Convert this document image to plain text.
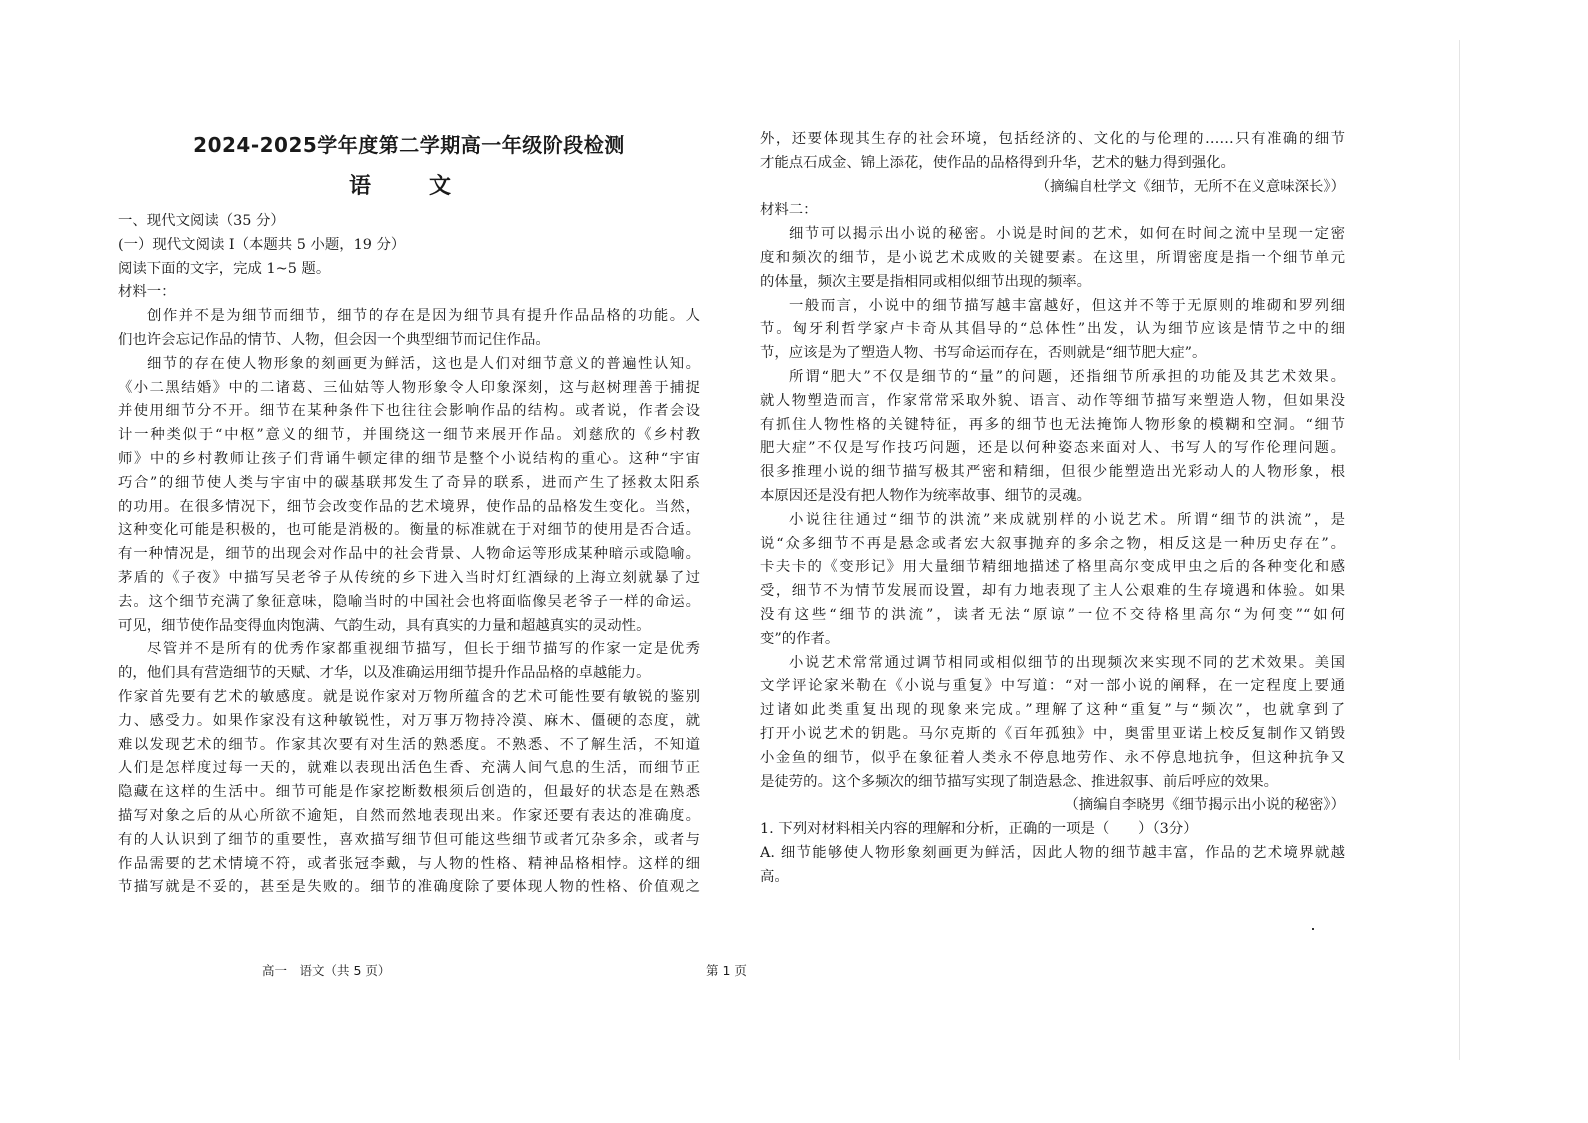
2024-2025学年度第二学期高一年级阶段检测
语　文
一、现代文阅读（35 分）
(一）现代文阅读 I（本题共 5 小题，19 分）
阅读下面的文字，完成 1~5 题。
材料一：
创作并不是为细节而细节，细节的存在是因为细节具有提升作品品格的功能。人
们也许会忘记作品的情节、人物，但会因一个典型细节而记住作品。
细节的存在使人物形象的刻画更为鲜活，这也是人们对细节意义的普遍性认知。
《小二黑结婚》中的二诸葛、三仙姑等人物形象令人印象深刻，这与赵树理善于捕捉
并使用细节分不开。细节在某种条件下也往往会影响作品的结构。或者说，作者会设
计一种类似于“中枢”意义的细节，并围绕这一细节来展开作品。刘慈欣的《乡村教
师》中的乡村教师让孩子们背诵牛顿定律的细节是整个小说结构的重心。这种“宇宙
巧合”的细节使人类与宇宙中的碳基联邦发生了奇异的联系，进而产生了拯救太阳系
的功用。在很多情况下，细节会改变作品的艺术境界，使作品的品格发生变化。当然，
这种变化可能是积极的，也可能是消极的。衡量的标准就在于对细节的使用是否合适。
有一种情况是，细节的出现会对作品中的社会背景、人物命运等形成某种暗示或隐喻。
茅盾的《子夜》中描写吴老爷子从传统的乡下进入当时灯红酒绿的上海立刻就暴了过
去。这个细节充满了象征意味，隐喻当时的中国社会也将面临像吴老爷子一样的命运。
可见，细节使作品变得血肉饱满、气韵生动，具有真实的力量和超越真实的灵动性。
尽管并不是所有的优秀作家都重视细节描写，但长于细节描写的作家一定是优秀
的，他们具有营造细节的天赋、才华，以及准确运用细节提升作品品格的卓越能力。
作家首先要有艺术的敏感度。就是说作家对万物所蕴含的艺术可能性要有敏锐的鉴别
力、感受力。如果作家没有这种敏锐性，对万事万物持冷漠、麻木、僵硬的态度，就
难以发现艺术的细节。作家其次要有对生活的熟悉度。不熟悉、不了解生活，不知道
人们是怎样度过每一天的，就难以表现出活色生香、充满人间气息的生活，而细节正
隐藏在这样的生活中。细节可能是作家挖断数根须后创造的，但最好的状态是在熟悉
描写对象之后的从心所欲不逾矩，自然而然地表现出来。作家还要有表达的准确度。
有的人认识到了细节的重要性，喜欢描写细节但可能这些细节或者冗杂多余，或者与
作品需要的艺术情境不符，或者张冠李戴，与人物的性格、精神品格相悖。这样的细
节描写就是不妥的，甚至是失败的。细节的准确度除了要体现人物的性格、价值观之
外，还要体现其生存的社会环境，包括经济的、文化的与伦理的……只有准确的细节
才能点石成金、锦上添花，使作品的品格得到升华，艺术的魅力得到强化。
（摘编自杜学文《细节，无所不在义意味深长》）
材料二：
细节可以揭示出小说的秘密。小说是时间的艺术，如何在时间之流中呈现一定密
度和频次的细节，是小说艺术成败的关键要素。在这里，所谓密度是指一个细节单元
的体量，频次主要是指相同或相似细节出现的频率。
一般而言，小说中的细节描写越丰富越好，但这并不等于无原则的堆砌和罗列细
节。匈牙利哲学家卢卡奇从其倡导的“总体性”出发，认为细节应该是情节之中的细
节，应该是为了塑造人物、书写命运而存在，否则就是“细节肥大症”。
所谓“肥大”不仅是细节的“量”的问题，还指细节所承担的功能及其艺术效果。
就人物塑造而言，作家常常采取外貌、语言、动作等细节描写来塑造人物，但如果没
有抓住人物性格的关键特征，再多的细节也无法掩饰人物形象的模糊和空洞。“细节
肥大症”不仅是写作技巧问题，还是以何种姿态来面对人、书写人的写作伦理问题。
很多推理小说的细节描写极其严密和精细，但很少能塑造出光彩动人的人物形象，根
本原因还是没有把人物作为统率故事、细节的灵魂。
小说往往通过“细节的洪流”来成就别样的小说艺术。所谓“细节的洪流”，是
说“众多细节不再是悬念或者宏大叙事抛弃的多余之物，相反这是一种历史存在”。
卡夫卡的《变形记》用大量细节精细地描述了格里高尔变成甲虫之后的各种变化和感
受，细节不为情节发展而设置，却有力地表现了主人公艰难的生存境遇和体验。如果
没有这些“细节的洪流”，读者无法“原谅”一位不交待格里高尔“为何变”“如何
变”的作者。
小说艺术常常通过调节相同或相似细节的出现频次来实现不同的艺术效果。美国
文学评论家米勒在《小说与重复》中写道：“对一部小说的阐释，在一定程度上要通
过诸如此类重复出现的现象来完成。”理解了这种“重复”与“频次”，也就拿到了
打开小说艺术的钥匙。马尔克斯的《百年孤独》中，奥雷里亚诺上校反复制作又销毁
小金鱼的细节，似乎在象征着人类永不停息地劳作、永不停息地抗争，但这种抗争又
是徒劳的。这个多频次的细节描写实现了制造悬念、推进叙事、前后呼应的效果。
（摘编自李晓男《细节揭示出小说的秘密》）
1. 下列对材料相关内容的理解和分析，正确的一项是（　　）（3分）
A. 细节能够使人物形象刻画更为鲜活，因此人物的细节越丰富，作品的艺术境界就越
高。
高一　语文（共 5 页）	第 1 页
